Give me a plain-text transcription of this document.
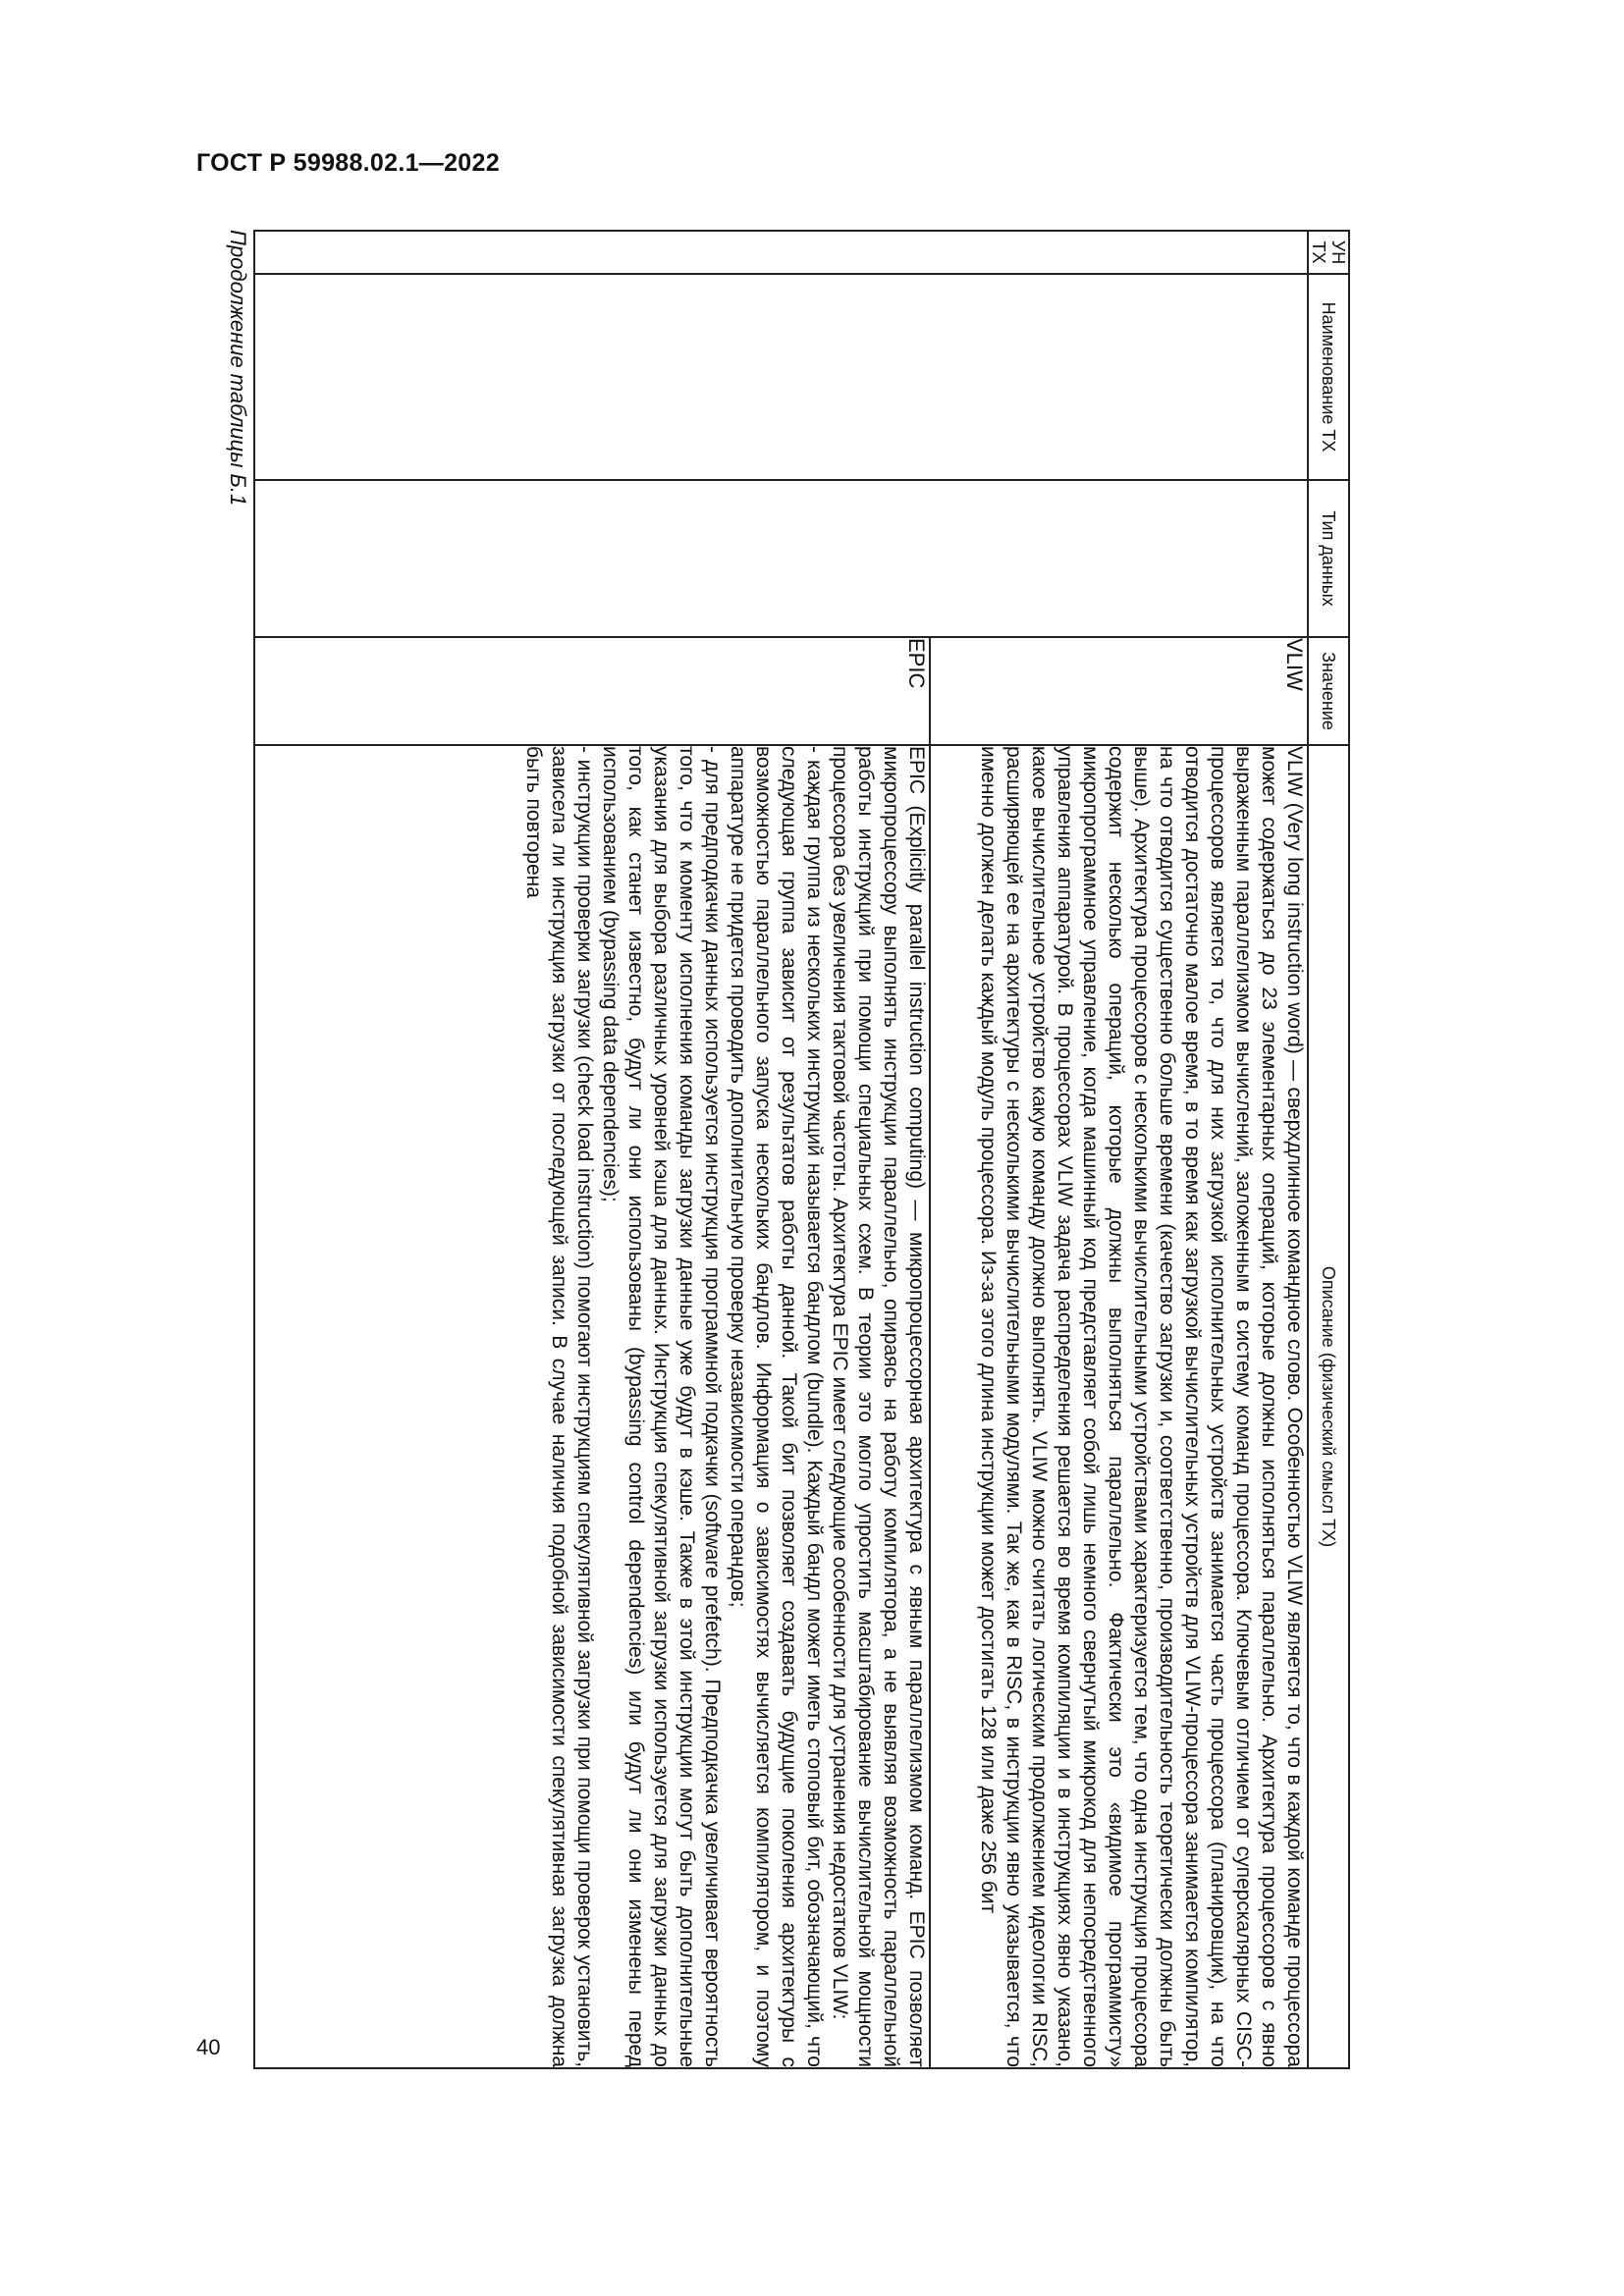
ГОСТ Р 59988.02.1—2022
УН ТХ	Наименование ТХ	Тип данных	Значение	Описание (физический смысл ТХ)
			VLIW	VLIW (Very long instruction word) — сверхдлинное командное слово. Особенностью VLIW является то, что в каждой команде процессора может содержаться до 23 элементарных операций, которые должны исполняться параллельно. Архитектура процессоров с явно выраженным параллелизмом вычислений, заложенным в систему команд процессора. Ключевым отличием от суперскалярных CISC-процессоров является то, что для них загрузкой исполнительных устройств занимается часть процессора (планировщик), на что отводится достаточно малое время, в то время как загрузкой вычислительных устройств для VLIW-процессора занимается компилятор, на что отводится существенно больше времени (качество загрузки и, соответственно, производительность теоретически должны быть выше). Архитектура процессоров с несколькими вычислительными устройствами характеризуется тем, что одна инструкция процессора содержит несколько операций, которые должны выполняться параллельно. Фактически это «видимое программисту» микропрограммное управление, когда машинный код представляет собой лишь немного свернутый микрокод для непосредственного управления аппаратурой. В процессорах VLIW задача распределения решается во время компиляции и в инструкциях явно указано, какое вычислительное устройство какую команду должно выполнять. VLIW можно считать логическим продолжением идеологии RISC, расширяющей ее на архитектуры с несколькими вычислительными модулями. Так же, как в RISC, в инструкции явно указывается, что именно должен делать каждый модуль процессора. Из-за этого длина инструкции может достигать 128 или даже 256 бит

			EPIC	EPIC (Explicitly parallel instruction computing) — микропроцессорная архитектура с явным параллелизмом команд. EPIC позволяет микропроцессору выполнять инструкции параллельно, опираясь на работу компилятора, а не выявляя возможность параллельной работы инструкций при помощи специальных схем. В теории это могло упростить масштабирование вычислительной мощности процессора без увеличения тактовой частоты. Архитектура EPIC имеет следующие особенности для устранения недостатков VLIW:

- каждая группа из нескольких инструкций называется бандлом (bundle). Каждый бандл может иметь стоповый бит, обозначающий, что следующая группа зависит от результатов работы данной. Такой бит позволяет создавать будущие поколения архитектуры с возможностью параллельного запуска нескольких бандлов. Информация о зависимостях вычисляется компилятором, и поэтому аппаратуре не придется проводить дополнительную проверку независимости операндов;

- для предподкачки данных используется инструкция программной подкачки (software prefetch). Предподкачка увеличивает вероятность того, что к моменту исполнения команды загрузки данные уже будут в кэше. Также в этой инструкции могут быть дополнительные указания для выбора различных уровней кэша для данных. Инструкция спекулятивной загрузки используется для загрузки данных до того, как станет известно, будут ли они использованы (bypassing control dependencies) или будут ли они изменены перед использованием (bypassing data dependencies);

- инструкции проверки загрузки (check load instruction) помогают инструкциям спекулятивной загрузки при помощи проверок установить, зависела ли инструкция загрузки от последующей записи. В случае наличия подобной зависимости спекулятивная загрузка должна быть повторена

Продолжение таблицы Б.1
40
